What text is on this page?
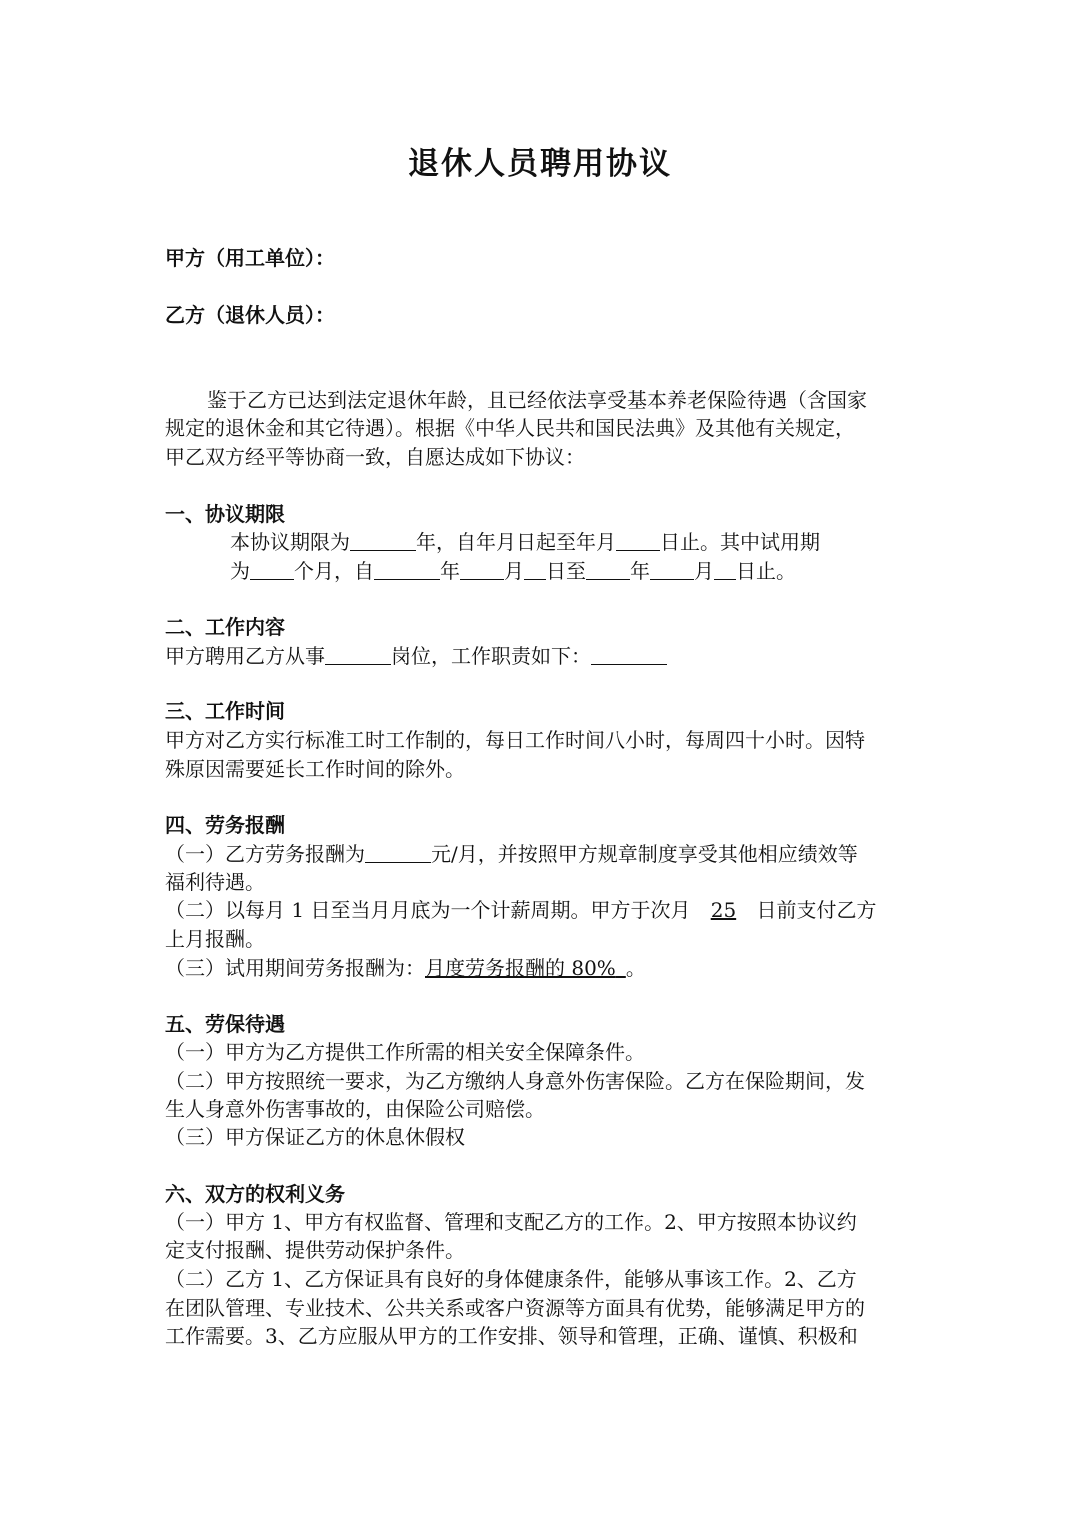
退休人员聘用协议
甲方（用工单位）：
乙方（退休人员）：
鉴于乙方已达到法定退休年龄，且已经依法享受基本养老保险待遇（含国家
规定的退休金和其它待遇）。根据《中华人民共和国民法典》及其他有关规定，
甲乙双方经平等协商一致，自愿达成如下协议：
一、协议期限
本协议期限为	年，自年月日起至年月 日止。其中试用期
为 个月，自	年 月 日至 年 月 日止。
二、工作内容
甲方聘用乙方从事	岗位，工作职责如下：
三、工作时间
甲方对乙方实行标准工时工作制的，每日工作时间八小时，每周四十小时。因特
殊原因需要延长工作时间的除外。
四、劳务报酬
（一）乙方劳务报酬为	元/月，并按照甲方规章制度享受其他相应绩效等
福利待遇。
（二）以每月 1 日至当月月底为一个计薪周期。甲方于次月 25 日前支付乙方
上月报酬。
（三）试用期间劳务报酬为：月度劳务报酬的 80%  。
五、劳保待遇
（一）甲方为乙方提供工作所需的相关安全保障条件。
（二）甲方按照统一要求，为乙方缴纳人身意外伤害保险。乙方在保险期间，发
生人身意外伤害事故的，由保险公司赔偿。
（三）甲方保证乙方的休息休假权
六、双方的权利义务
（一）甲方 1、甲方有权监督、管理和支配乙方的工作。2、甲方按照本协议约
定支付报酬、提供劳动保护条件。
（二）乙方 1、乙方保证具有良好的身体健康条件，能够从事该工作。2、乙方
在团队管理、专业技术、公共关系或客户资源等方面具有优势，能够满足甲方的
工作需要。3、乙方应服从甲方的工作安排、领导和管理，正确、谨慎、积极和
